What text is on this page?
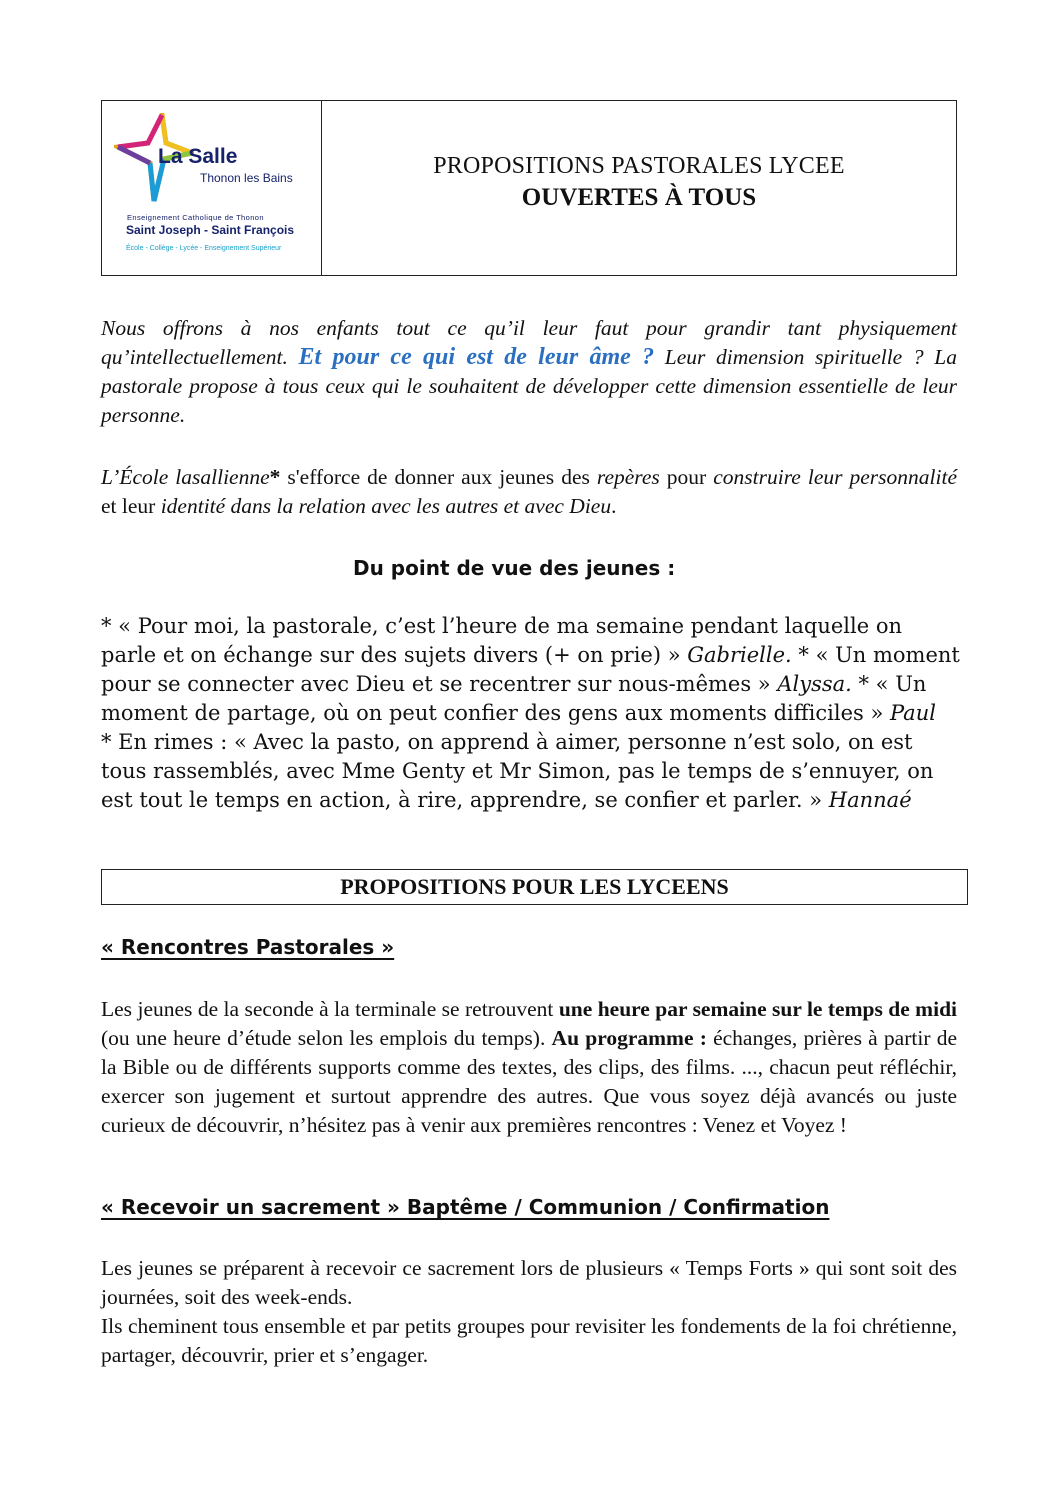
La Salle
Thonon les Bains
Enseignement Catholique de Thonon
Saint Joseph - Saint François
École - Collège - Lycée - Enseignement Supérieur
PROPOSITIONS PASTORALES LYCEE
OUVERTES À TOUS
Nous offrons à nos enfants tout ce qu’il leur faut pour grandir tant physiquement qu’intellectuellement. Et pour ce qui est de leur âme ? Leur dimension spirituelle ? La pastorale propose à tous ceux qui le souhaitent de développer cette dimension essentielle de leur personne.
L’École lasallienne* s'efforce de donner aux jeunes des repères pour construire leur personnalité et leur identité dans la relation avec les autres et avec Dieu.
Du point de vue des jeunes :
* « Pour moi, la pastorale, c’est l’heure de ma semaine pendant laquelle on parle et on échange sur des sujets divers (+ on prie) » Gabrielle. * « Un moment pour se connecter avec Dieu et se recentrer sur nous-mêmes » Alyssa. * « Un moment de partage, où on peut confier des gens aux moments difficiles » Paul
* En rimes : « Avec la pasto, on apprend à aimer, personne n’est solo, on est tous rassemblés, avec Mme Genty et Mr Simon, pas le temps de s’ennuyer, on est tout le temps en action, à rire, apprendre, se confier et parler. » Hannaé
PROPOSITIONS POUR LES LYCEENS
« Rencontres Pastorales »
Les jeunes de la seconde à la terminale se retrouvent une heure par semaine sur le temps de midi (ou une heure d’étude selon les emplois du temps). Au programme : échanges, prières à partir de la Bible ou de différents supports comme des textes, des clips, des films. ..., chacun peut réfléchir, exercer son jugement et surtout apprendre des autres. Que vous soyez déjà avancés ou juste curieux de découvrir, n’hésitez pas à venir aux premières rencontres : Venez et Voyez !
« Recevoir un sacrement » Baptême / Communion / Confirmation
Les jeunes se préparent à recevoir ce sacrement lors de plusieurs « Temps Forts » qui sont soit des journées, soit des week-ends.
Ils cheminent tous ensemble et par petits groupes pour revisiter les fondements de la foi chrétienne, partager, découvrir, prier et s’engager.
